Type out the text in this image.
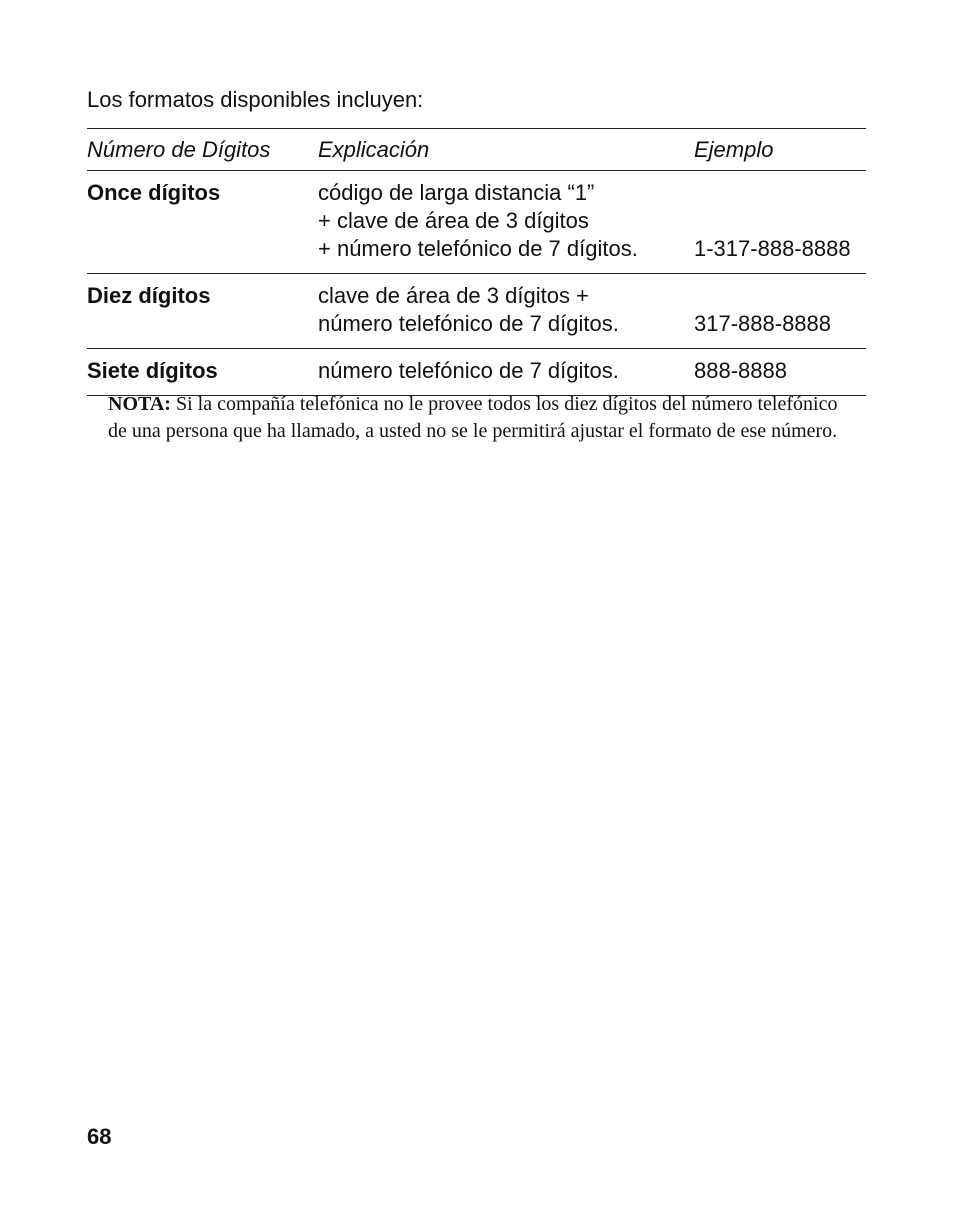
Los formatos disponibles incluyen:

Número de Dígitos	Explicación	Ejemplo
Once dígitos	código de larga distancia “1”
+ clave de área de 3 dígitos
+ número telefónico de 7 dígitos.	1-317-888-8888
Diez dígitos	clave de área de 3 dígitos +
número telefónico de 7 dígitos.	317-888-8888
Siete dígitos	número telefónico de 7 dígitos.	888-8888

NOTA: Si la compañía telefónica no le provee todos los diez dígitos del número telefónico de una persona que ha llamado, a usted no se le permitirá ajustar el formato de ese número.

68
